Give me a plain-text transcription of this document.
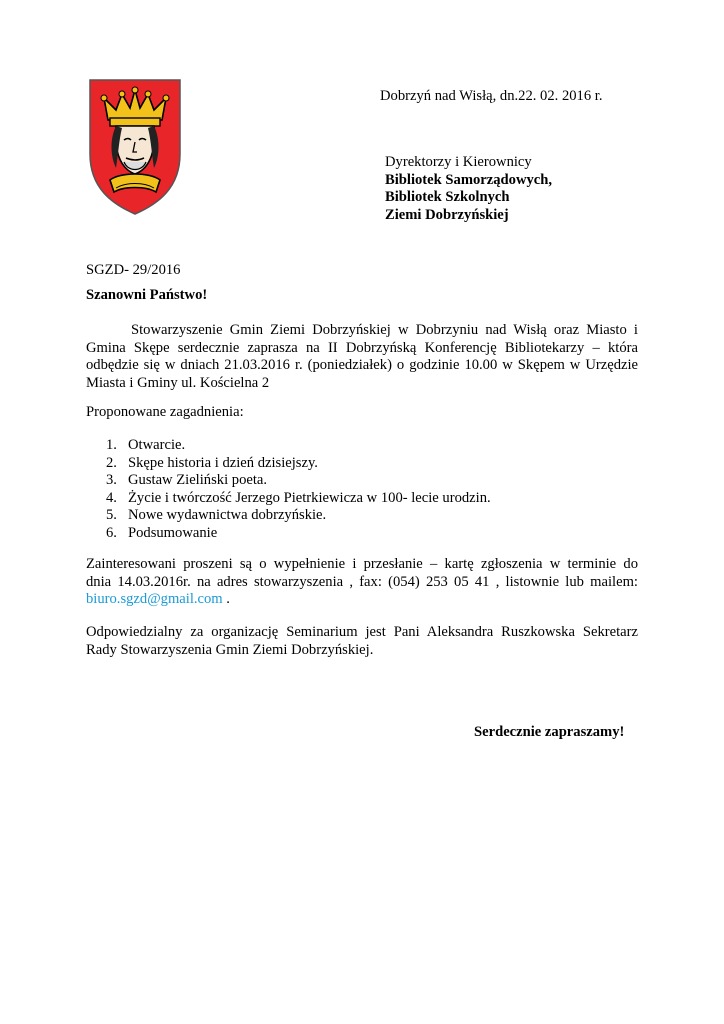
Dobrzyń nad Wisłą, dn.22. 02. 2016 r.
Dyrektorzy i Kierownicy
Bibliotek Samorządowych,
Bibliotek Szkolnych
Ziemi Dobrzyńskiej
SGZD- 29/2016
Szanowni Państwo!
Stowarzyszenie Gmin Ziemi Dobrzyńskiej w Dobrzyniu nad Wisłą oraz Miasto i
Gmina Skępe serdecznie zaprasza na II Dobrzyńską Konferencję Bibliotekarzy – która
odbędzie się w dniach 21.03.2016 r. (poniedziałek) o godzinie 10.00 w Skępem w Urzędzie
Miasta i Gminy ul. Kościelna 2
Proponowane zagadnienia:
1. Otwarcie.
2. Skępe historia i dzień dzisiejszy.
3. Gustaw Zieliński poeta.
4. Życie i twórczość Jerzego Pietrkiewicza w 100- lecie urodzin.
5. Nowe wydawnictwa dobrzyńskie.
6. Podsumowanie
Zainteresowani proszeni są o wypełnienie i przesłanie – kartę zgłoszenia w terminie do
dnia 14.03.2016r. na adres stowarzyszenia , fax: (054) 253 05 41 , listownie lub mailem:
biuro.sgzd@gmail.com .
Odpowiedzialny za organizację Seminarium jest Pani Aleksandra Ruszkowska Sekretarz
Rady Stowarzyszenia Gmin Ziemi Dobrzyńskiej.
Serdecznie zapraszamy!
